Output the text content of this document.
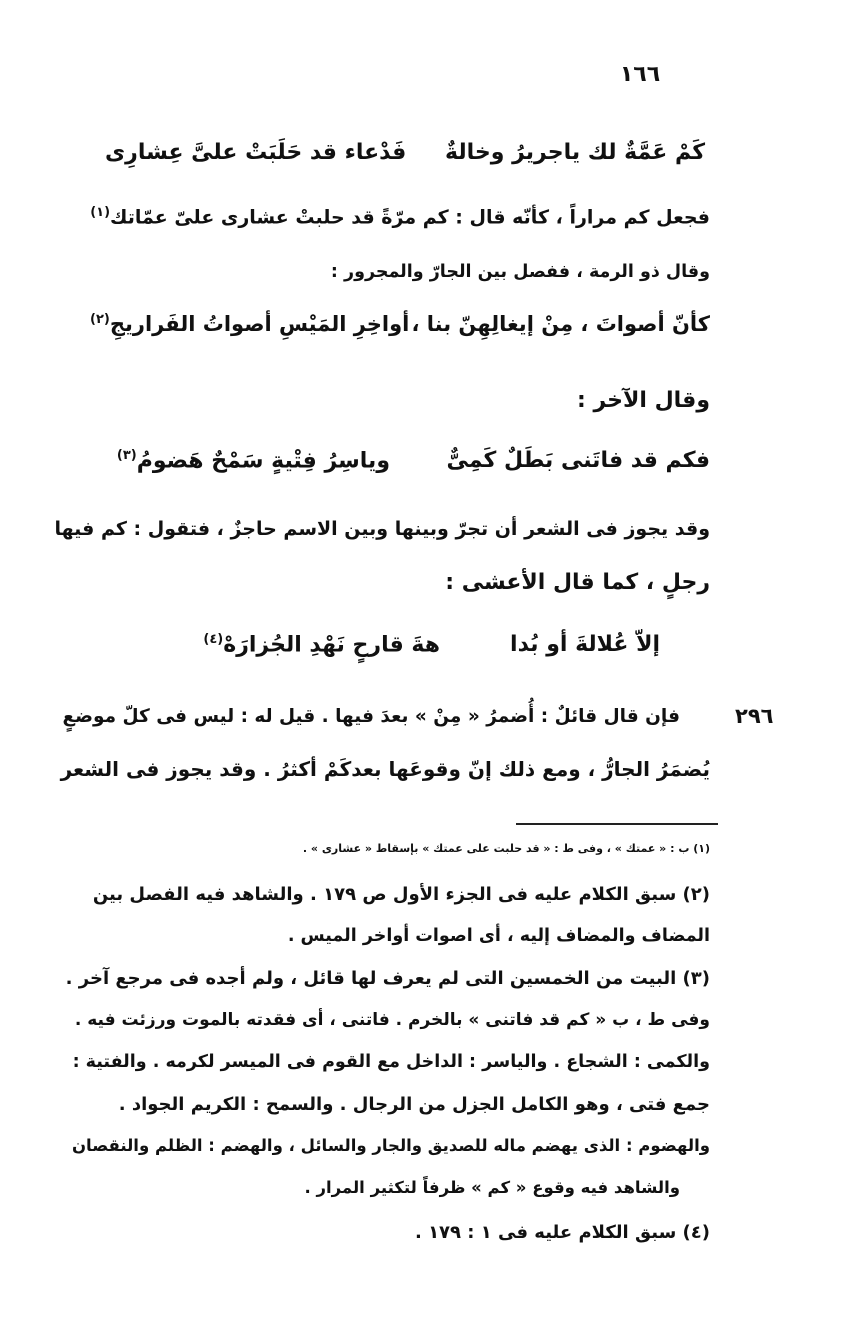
١٦٦
كَمْ عَمَّةٌ لك ياجريرُ وخالةٌ
فَدْعاء قد حَلَبَتْ علىَّ عِشارِى
فجعل كم مراراً ، كأنّه قال : كم مرّةً قد حلبتْ عشارى علىّ عمّاتك$^{(١)}$
وقال ذو الرمة ، ففصل بين الجارّ والمجرور :
كأنّ أصواتَ ، مِنْ إيغالِهِنّ بنا ،
أواخِرِ المَيْسِ أصواتُ الفَراريجِ$^{(٢)}$
وقال الآخر :
فكم قد فاتَنى بَطَلٌ كَمِىٌّ
وياسِرُ فِتْيةٍ سَمْحٌ هَضومُ$^{(٣)}$
وقد يجوز فى الشعر أن تجرّ وبينها وبين الاسم حاجزٌ ، فتقول : كم فيها
رجلٍ ، كما قال الأعشى :
إلاّ عُلالةَ أو بُدا
هةَ قارحٍ نَهْدِ الجُزارَهْ$^{(٤)}$
٢٩٦
فإن قال قائلٌ : أُضمرُ « مِنْ » بعدَ فيها . قيل له : ليس فى كلّ موضعٍ
يُضمَرُ الجارُّ ، ومع ذلك إنّ وقوعَها بعدكَمْ أكثرُ . وقد يجوز فى الشعر
(١) ب : « عمتك » ، وفى ط : « قد حلبت على عمتك » بإسقاط « عشارى » .
(٢) سبق الكلام عليه فى الجزء الأول ص ١٧٩ . والشاهد فيه الفصل بين
المضاف والمضاف إليه ، أى اصوات أواخر الميس .
(٣) البيت من الخمسين التى لم يعرف لها قائل ، ولم أجده فى مرجع آخر .
وفى ط ، ب « كم قد فاتنى » بالخرم . فاتنى ، أى فقدته بالموت ورزئت فيه .
والكمى : الشجاع . والياسر : الداخل مع القوم فى الميسر لكرمه . والفتية :
جمع فتى ، وهو الكامل الجزل من الرجال . والسمح : الكريم الجواد .
والهضوم : الذى يهضم ماله للصديق والجار والسائل ، والهضم : الظلم والنقصان
والشاهد فيه وقوع « كم » ظرفاً لتكثير المرار .
(٤) سبق الكلام عليه فى ١ : ١٧٩ .
